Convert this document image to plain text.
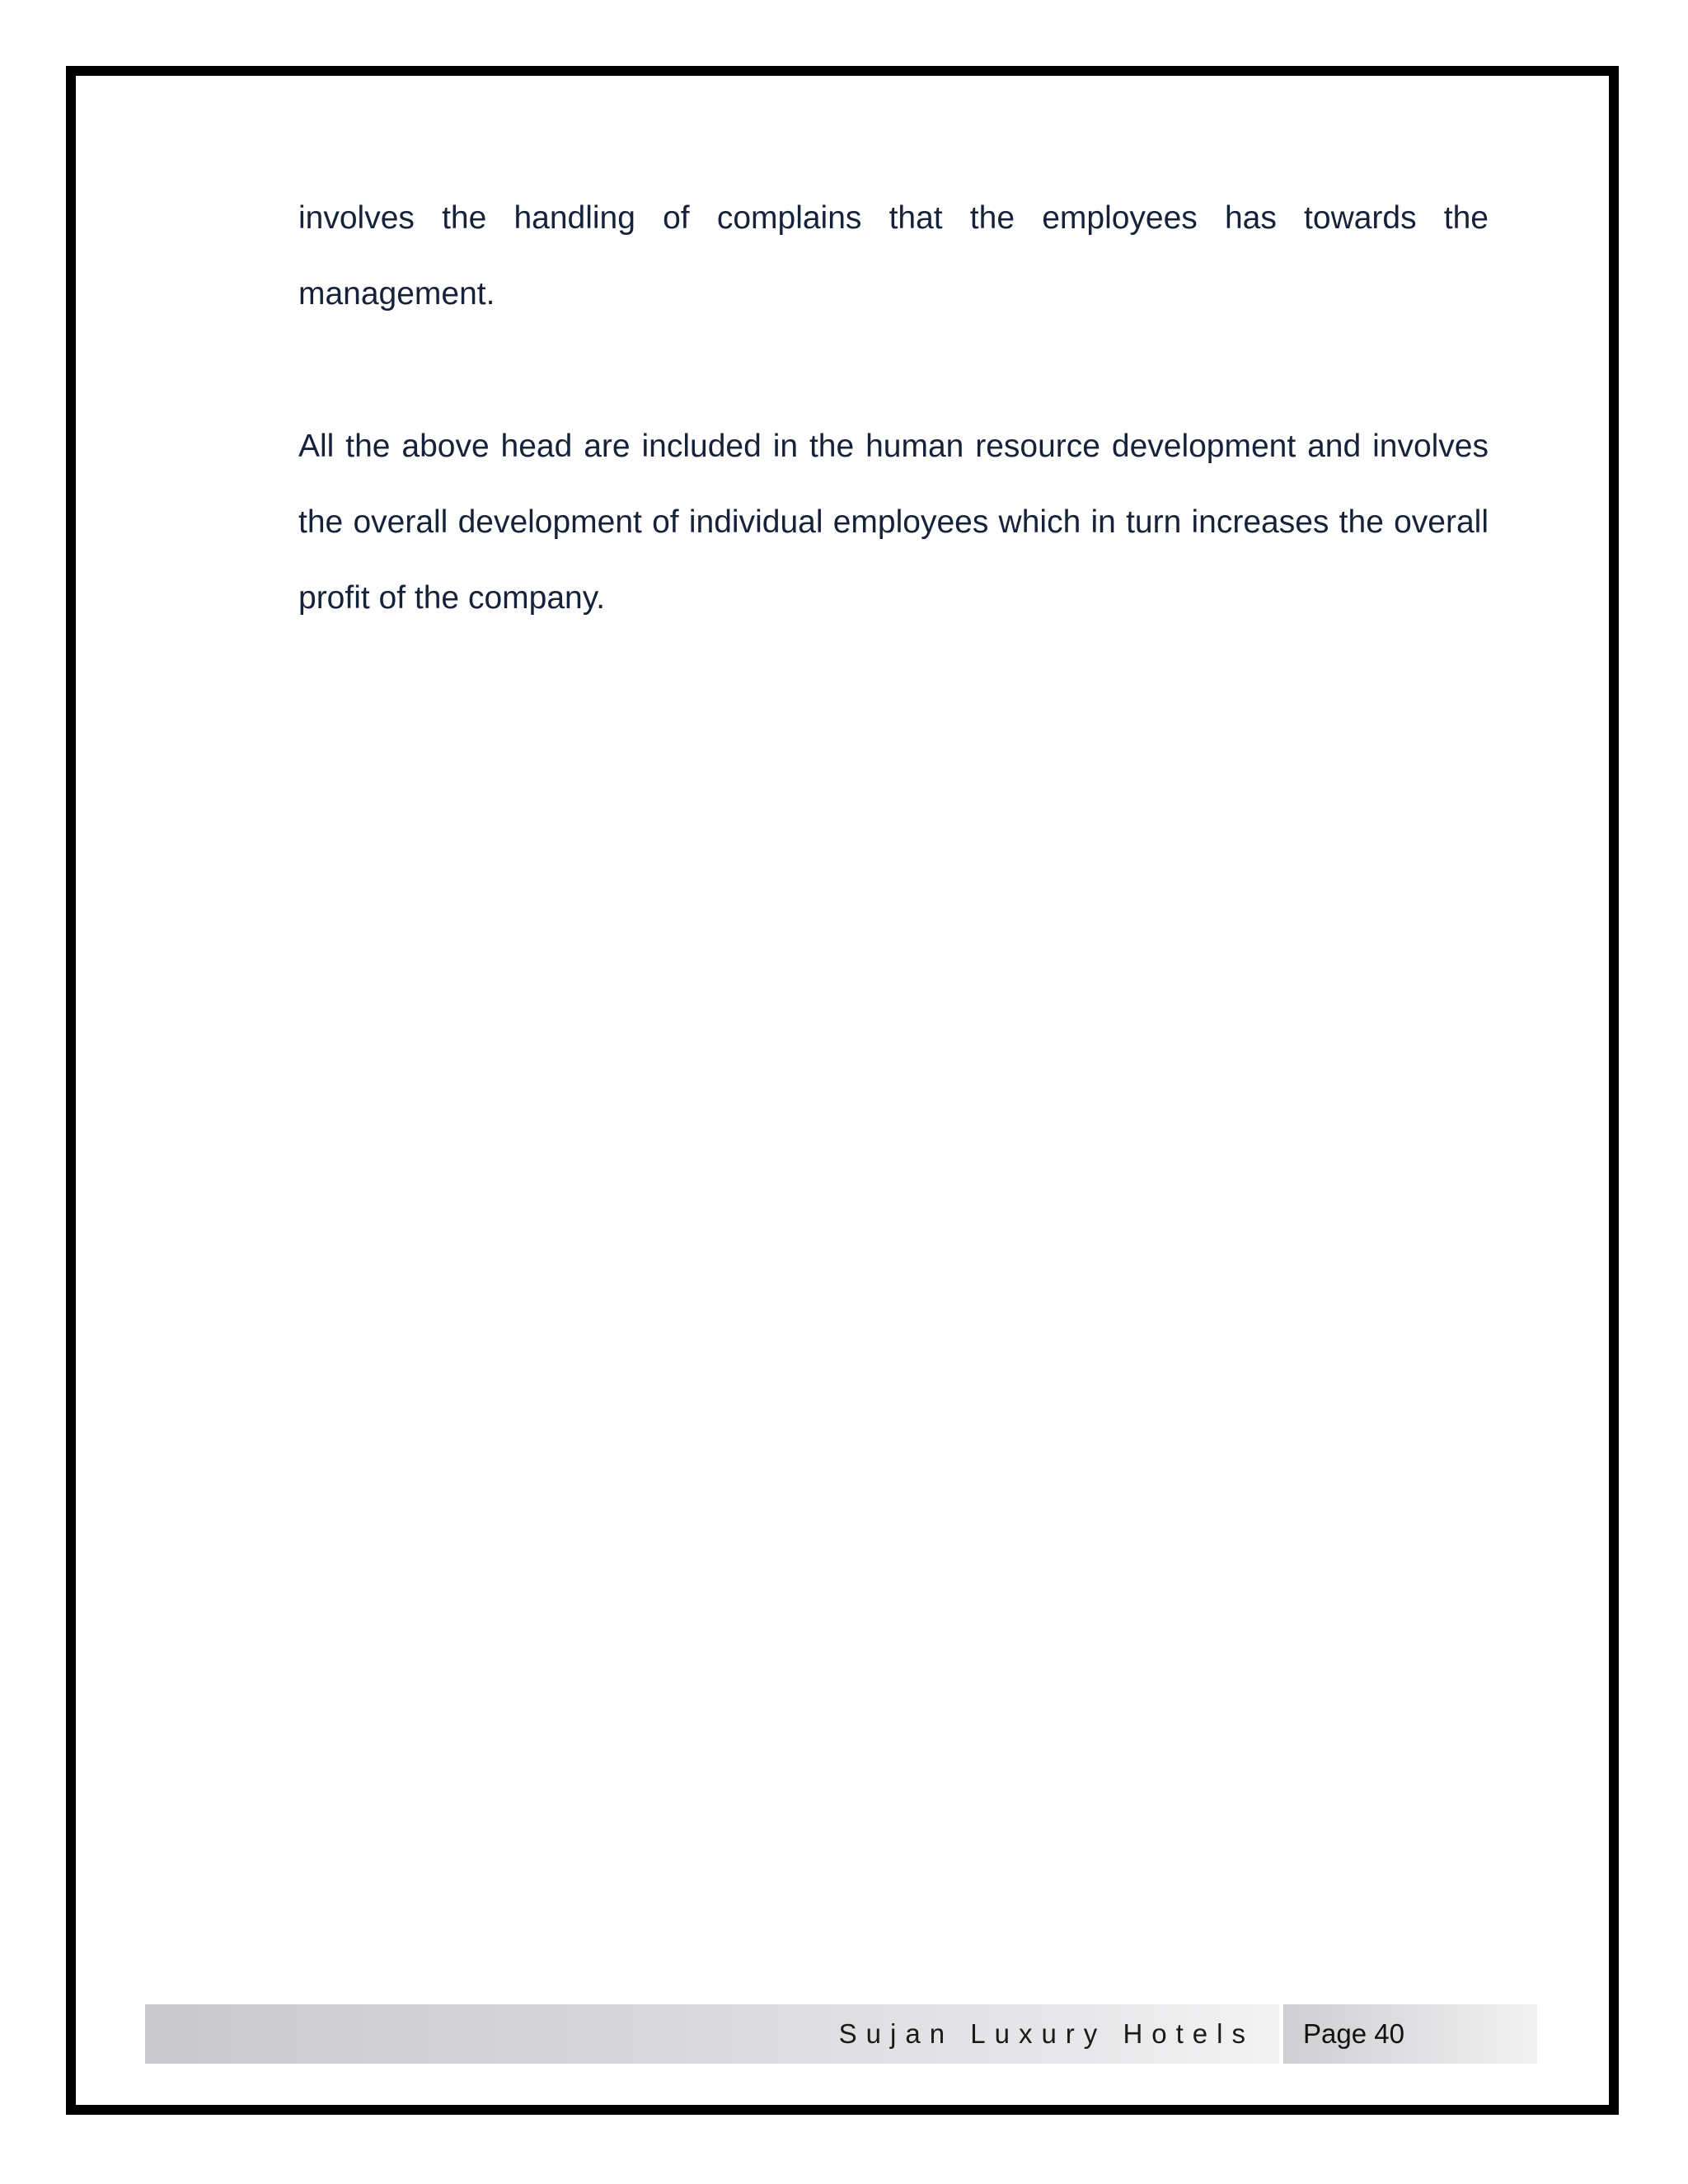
involves the handling of complains that the employees has towards the management.

All the above head are included in the human resource development and involves the overall development of individual employees which in turn increases the overall profit of the company.

Sujan Luxury Hotels	Page 40
